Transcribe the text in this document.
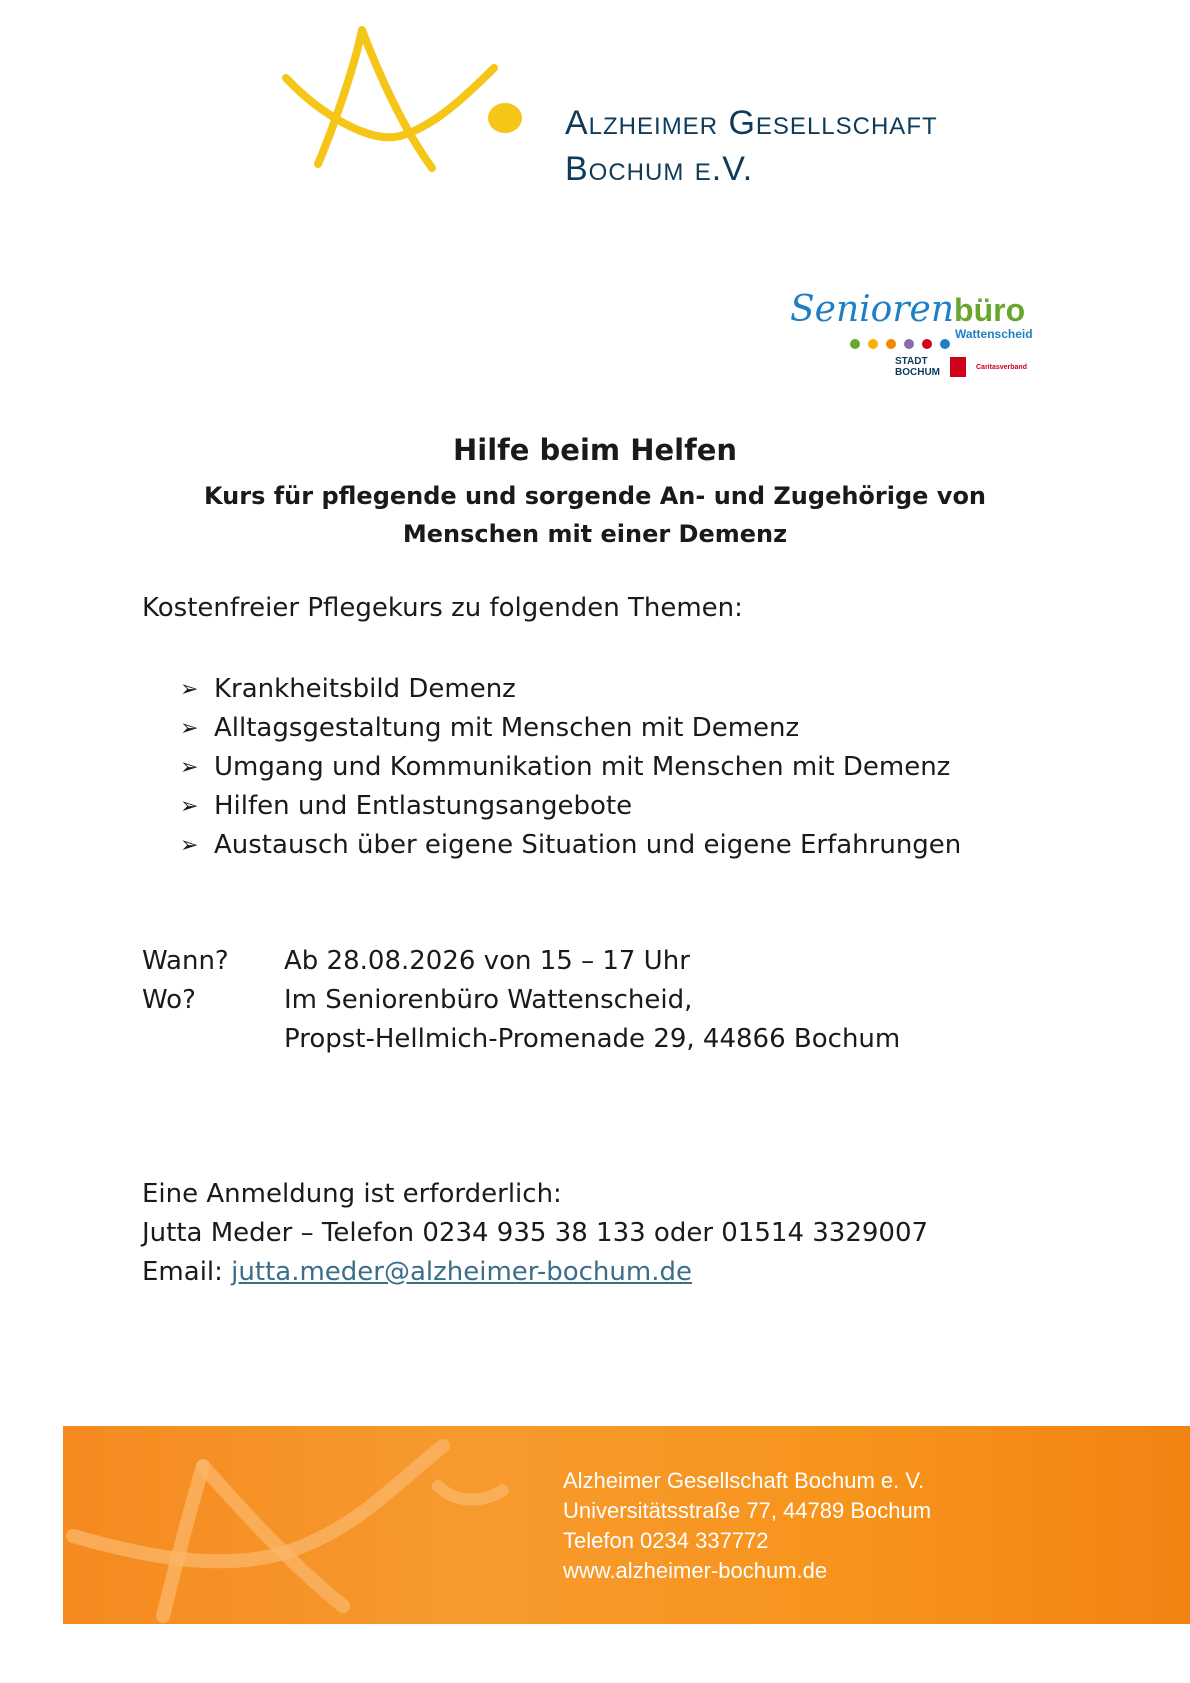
Alzheimer Gesellschaft
Bochum e.V.
Seniorenbüro
Wattenscheid
STADT
BOCHUM	Caritasverband
Hilfe beim Helfen
Kurs für pflegende und sorgende An- und Zugehörige von
Menschen mit einer Demenz
Kostenfreier Pflegekurs zu folgenden Themen:
➢ Krankheitsbild Demenz
➢ Alltagsgestaltung mit Menschen mit Demenz
➢ Umgang und Kommunikation mit Menschen mit Demenz
➢ Hilfen und Entlastungsangebote
➢ Austausch über eigene Situation und eigene Erfahrungen
Wann?	Ab 28.08.2026 von 15 – 17 Uhr
Wo?	Im Seniorenbüro Wattenscheid,
Propst-Hellmich-Promenade 29, 44866 Bochum
Eine Anmeldung ist erforderlich:
Jutta Meder – Telefon 0234 935 38 133 oder 01514 3329007
Email: jutta.meder@alzheimer-bochum.de
Alzheimer Gesellschaft Bochum e. V.
Universitätsstraße 77, 44789 Bochum
Telefon 0234 337772
www.alzheimer-bochum.de
